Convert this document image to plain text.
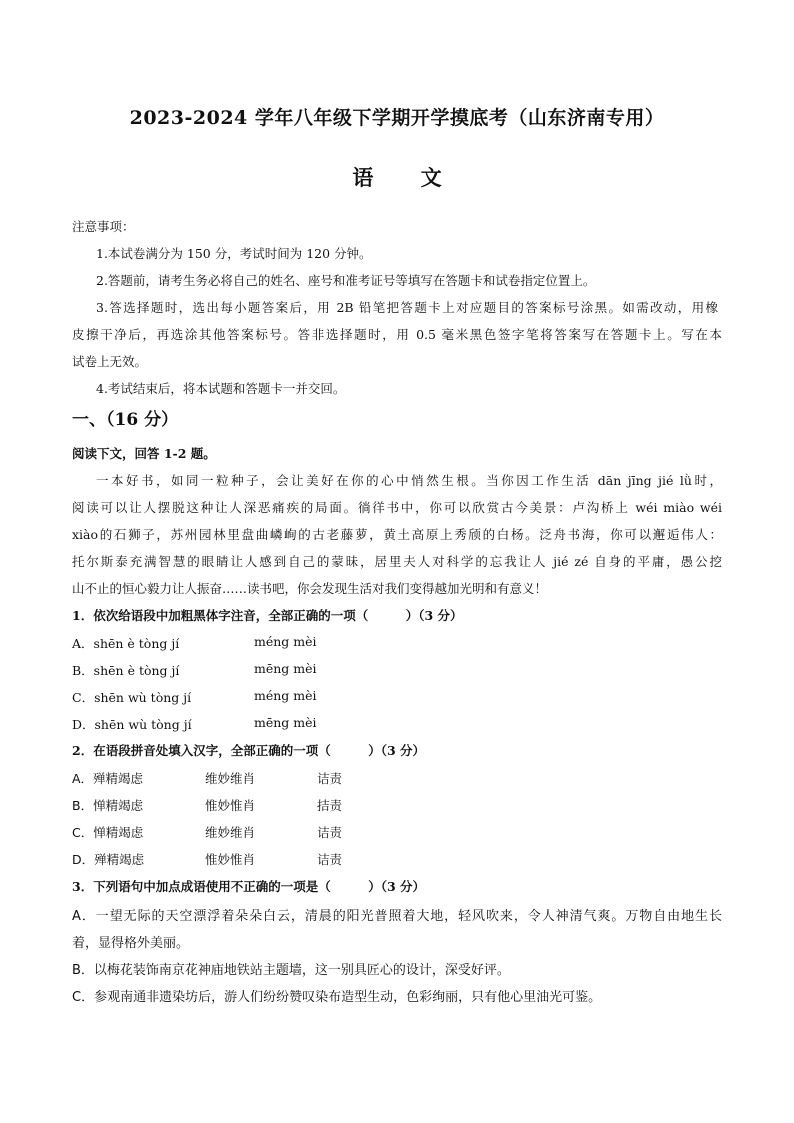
2023-2024 学年八年级下学期开学摸底考（山东济南专用）
语 文
注意事项：
1.本试卷满分为 150 分，考试时间为 120 分钟。
2.答题前，请考生务必将自己的姓名、座号和准考证号等填写在答题卡和试卷指定位置上。
3.答选择题时，选出每小题答案后，用 2B 铅笔把答题卡上对应题目的答案标号涂黑。如需改动，用橡
皮擦干净后，再选涂其他答案标号。答非选择题时，用 0.5 毫米黑色签字笔将答案写在答题卡上。写在本
试卷上无效。
4.考试结束后，将本试题和答题卡一并交回。
一、（16 分）
阅读下文，回答 1-2 题。
一本好书，如同一粒种子，会让美好在你的心中悄然生根。当你因工作生活 dān jīng jié lǜ时，
阅读可以让人摆脱这种让人深恶痛疾的局面。徜徉书中，你可以欣赏古今美景：卢沟桥上 wéi miào wéi
xiào的石狮子，苏州园林里盘曲嶙峋的古老藤萝，黄土高原上秀颀的白杨。泛舟书海，你可以邂逅伟人：
托尔斯泰充满智慧的眼睛让人感到自己的蒙昧，居里夫人对科学的忘我让人 jié zé 自身的平庸，愚公挖
山不止的恒心毅力让人振奋……读书吧，你会发现生活对我们变得越加光明和有意义！
1．依次给语段中加粗黑体字注音，全部正确的一项（　　　）（3 分）
A．shēn è tòng jí	méng mèi
B．shēn è tòng jí	mēng mèi
C．shēn wù tòng jí	méng mèi
D．shēn wù tòng jí	mēng mèi
2．在语段拼音处填入汉字，全部正确的一项（　　　）（3 分）
A．殚精竭虑	维妙维肖	诘责
B．惮精竭虑	惟妙惟肖	拮责
C．惮精竭虑	维妙维肖	诘责
D．殚精竭虑	惟妙惟肖	诘责
3．下列语句中加点成语使用不正确的一项是（　　　）（3 分）
A．一望无际的天空漂浮着朵朵白云，清晨的阳光普照着大地，轻风吹来，令人神清气爽。万物自由地生长
着，显得格外美丽。
B．以梅花装饰南京花神庙地铁站主题墙，这一别具匠心的设计，深受好评。
C．参观南通非遗染坊后，游人们纷纷赞叹染布造型生动，色彩绚丽，只有他心里油光可鉴。
